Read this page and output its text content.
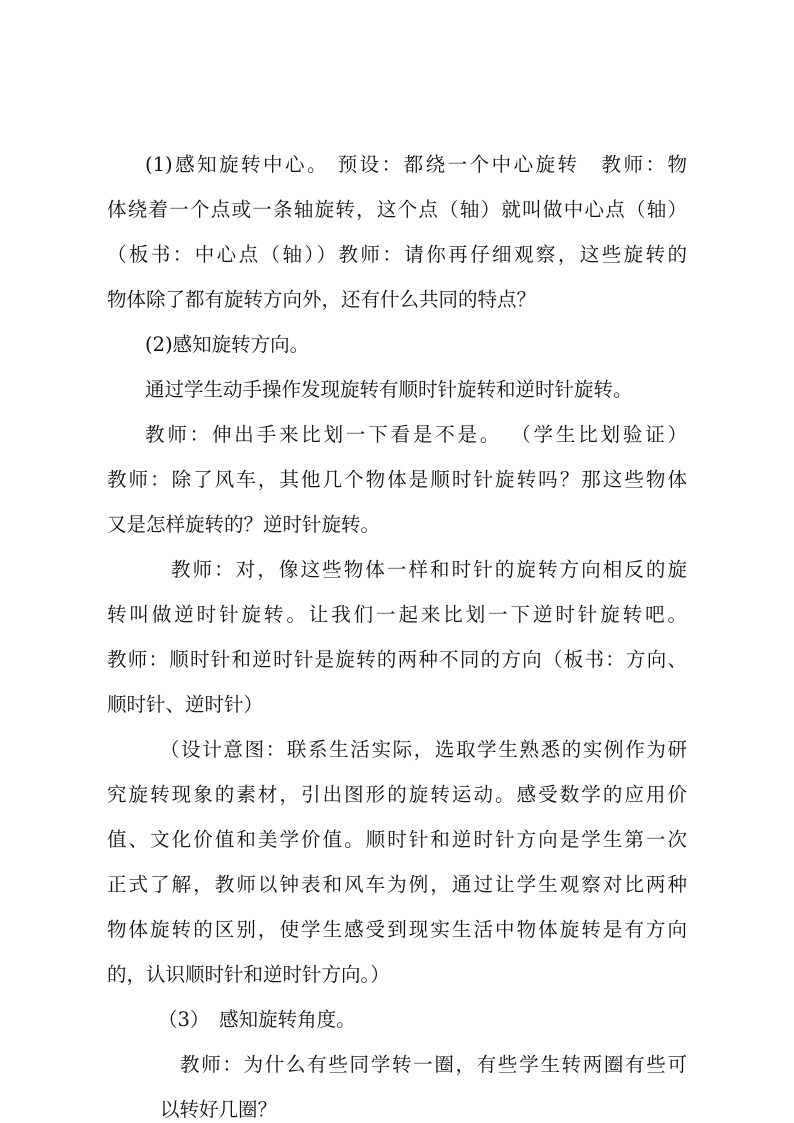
(1)感知旋转中心。 预设：都绕一个中心旋转　教师：物
体绕着一个点或一条轴旋转，这个点（轴）就叫做中心点（轴）
（板书：中心点（轴））教师：请你再仔细观察，这些旋转的
物体除了都有旋转方向外，还有什么共同的特点？
(2)感知旋转方向。
通过学生动手操作发现旋转有顺时针旋转和逆时针旋转。
教师：伸出手来比划一下看是不是。 （学生比划验证）
教师：除了风车，其他几个物体是顺时针旋转吗？那这些物体
又是怎样旋转的？逆时针旋转。
教师：对，像这些物体一样和时针的旋转方向相反的旋
转叫做逆时针旋转。让我们一起来比划一下逆时针旋转吧。
教师：顺时针和逆时针是旋转的两种不同的方向（板书：方向、
顺时针、逆时针）
（设计意图：联系生活实际，选取学生熟悉的实例作为研
究旋转现象的素材，引出图形的旋转运动。感受数学的应用价
值、文化价值和美学价值。顺时针和逆时针方向是学生第一次
正式了解，教师以钟表和风车为例，通过让学生观察对比两种
物体旋转的区别，使学生感受到现实生活中物体旋转是有方向
的，认识顺时针和逆时针方向。）
（3）　感知旋转角度。
教师：为什么有些同学转一圈，有些学生转两圈有些可
以转好几圈？
